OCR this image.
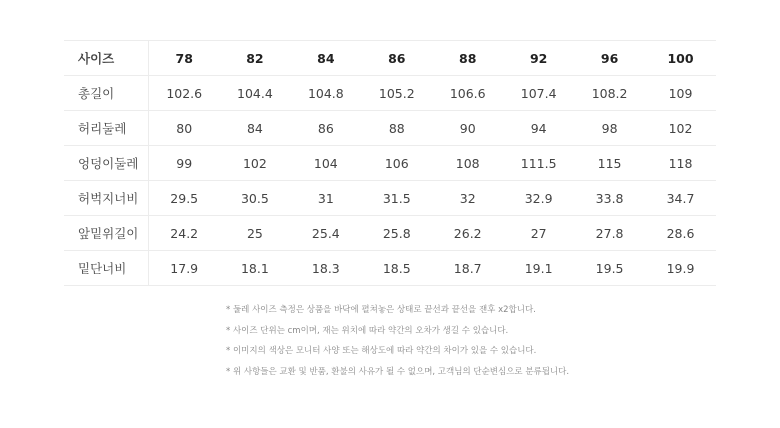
사이즈	78	82	84	86	88	92	96	100
총길이	102.6	104.4	104.8	105.2	106.6	107.4	108.2	109
허리둘레	80	84	86	88	90	94	98	102
엉덩이둘레	99	102	104	106	108	111.5	115	118
허벅지너비	29.5	30.5	31	31.5	32	32.9	33.8	34.7
앞밑위길이	24.2	25	25.4	25.8	26.2	27	27.8	28.6
밑단너비	17.9	18.1	18.3	18.5	18.7	19.1	19.5	19.9
* 둘레 사이즈 측정은 상품을 바닥에 펼쳐놓은 상태로 끝선과 끝선을 잰후 x2합니다.
* 사이즈 단위는 cm이며, 재는 위치에 따라 약간의 오차가 생길 수 있습니다.
* 이미지의 색상은 모니터 사양 또는 해상도에 따라 약간의 차이가 있을 수 있습니다.
* 위 사항들은 교환 및 반품, 환불의 사유가 될 수 없으며, 고객님의 단순변심으로 분류됩니다.
